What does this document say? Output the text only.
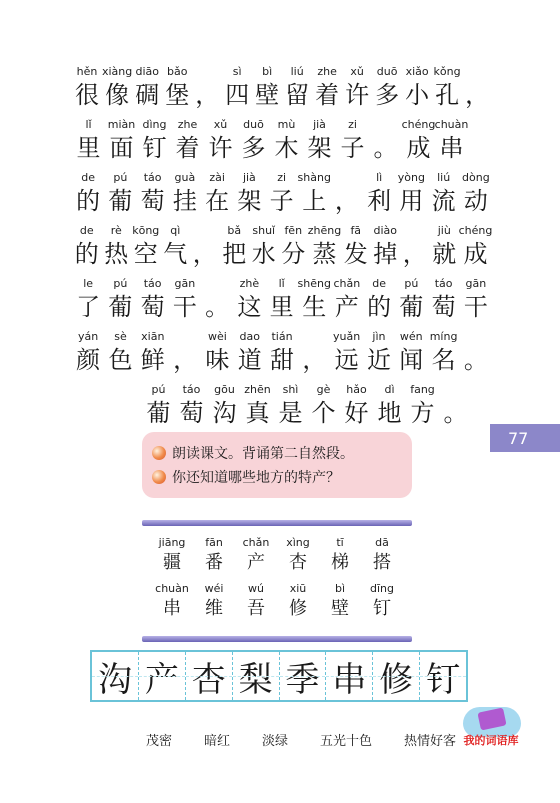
hěn
很
xiàng
像
diāo
碉
bǎo
堡 ，
sì
四
bì
壁
liú
留
zhe
着
xǔ
许
duō
多
xiǎo
小
kǒng
孔 ，
lǐ
里
miàn
面
dìng
钉
zhe
着
xǔ
许
duō
多
mù
木
jià
架
zi
子 。
chéng
成
chuàn
串
de
的
pú
葡
táo
萄
guà
挂
zài
在
jià
架
zi
子
shàng
上 ，
lì
利
yòng
用
liú
流
dòng
动
de
的
rè
热
kōng
空
qì
气 ，
bǎ
把
shuǐ
水
fēn
分
zhēng
蒸
fā
发
diào
掉 ，
jiù
就
chéng
成
le
了
pú
葡
táo
萄
gān
干 。
zhè
这
lǐ
里
shēng
生
chǎn
产
de
的
pú
葡
táo
萄
gān
干
yán
颜
sè
色
xiān
鲜 ，
wèi
味
dao
道
tián
甜 ，
yuǎn
远
jìn
近
wén
闻
míng
名 。
pú
葡
táo
萄
gōu
沟
zhēn
真
shì
是
gè
个
hǎo
好
dì
地
fang
方 。
77
朗读课文。背诵第二自然段。
你还知道哪些地方的特产？
jiāng
疆
fān
番
chǎn
产
xìng
杏
tī
梯
dā
搭
chuàn
串
wéi
维
wú
吾
xiū
修
bì
壁
dīng
钉
沟 产 杏 梨 季 串 修 钉
茂密 暗红 淡绿 五光十色 热情好客 我的词语库
